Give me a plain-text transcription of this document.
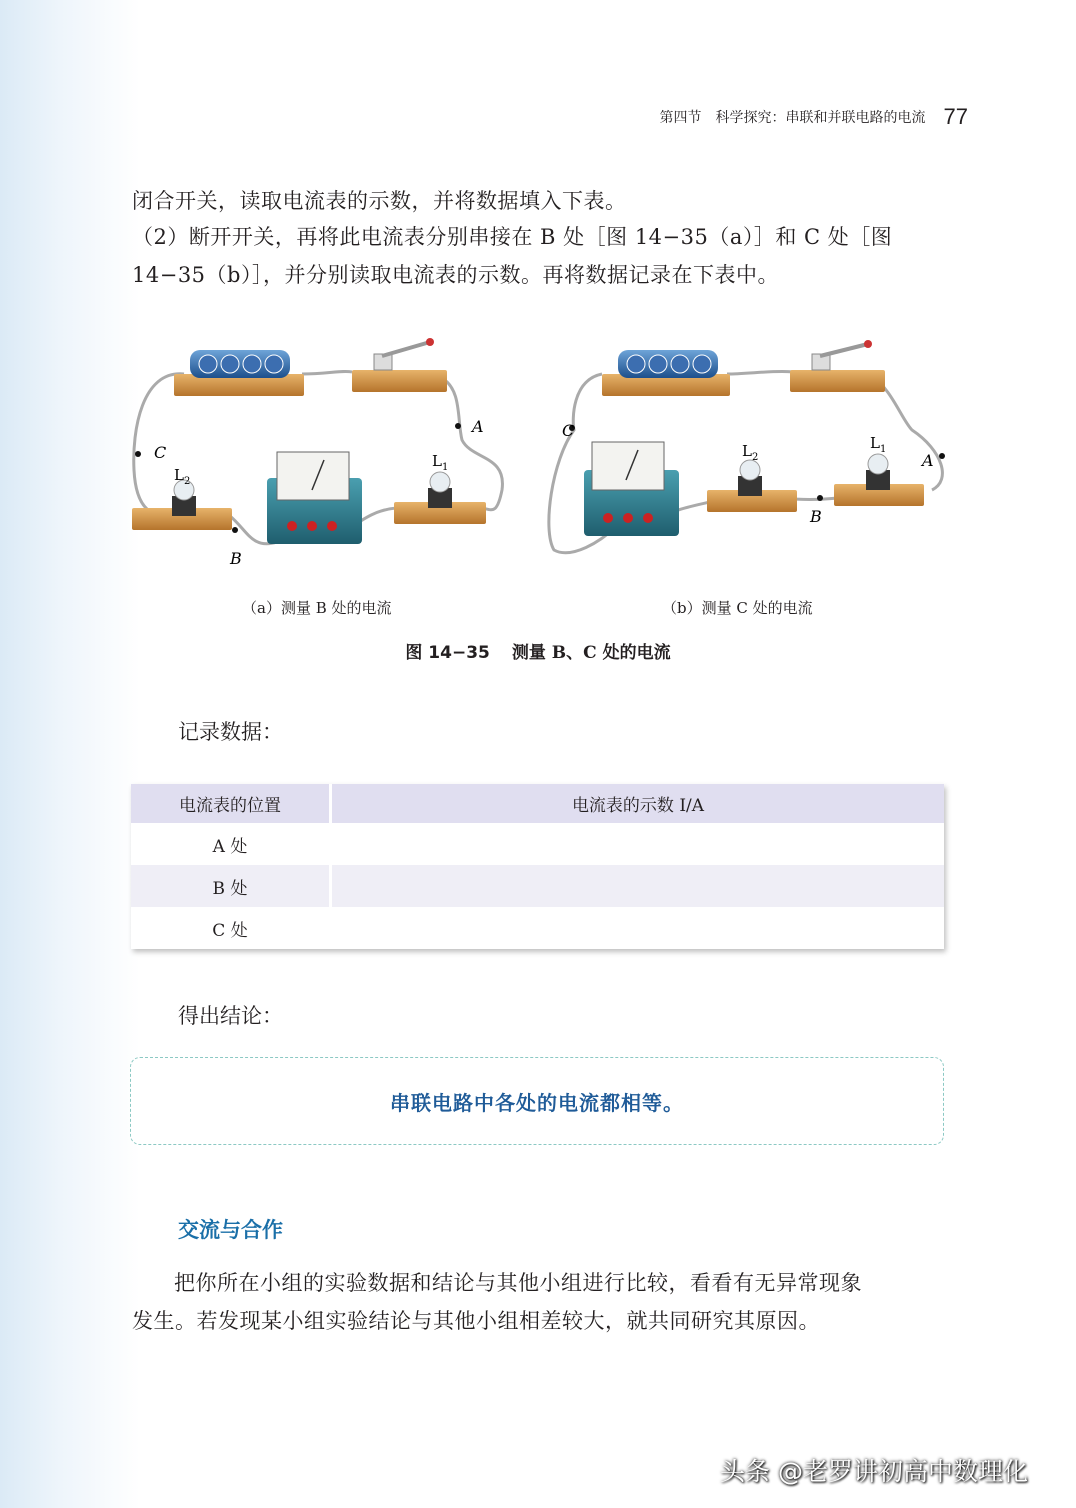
第四节　科学探究：串联和并联电路的电流 77
闭合开关，读取电流表的示数，并将数据填入下表。
（2）断开开关，再将此电流表分别串接在 B 处［图 14−35（a）］和 C 处［图 14−35（b）］，并分别读取电流表的示数。再将数据记录在下表中。
C
A
B
$L_2$
$L_1$
C
A
B
$L_2$
$L_1$
（a）测量 B 处的电流	（b）测量 C 处的电流
图 14−35 测量 B、C 处的电流
记录数据：
电流表的位置	电流表的示数 I/A
A 处	
B 处	
C 处	
得出结论：
串联电路中各处的电流都相等。
交流与合作
把你所在小组的实验数据和结论与其他小组进行比较，看看有无异常现象
发生。若发现某小组实验结论与其他小组相差较大，就共同研究其原因。
头条 @老罗讲初高中数理化
